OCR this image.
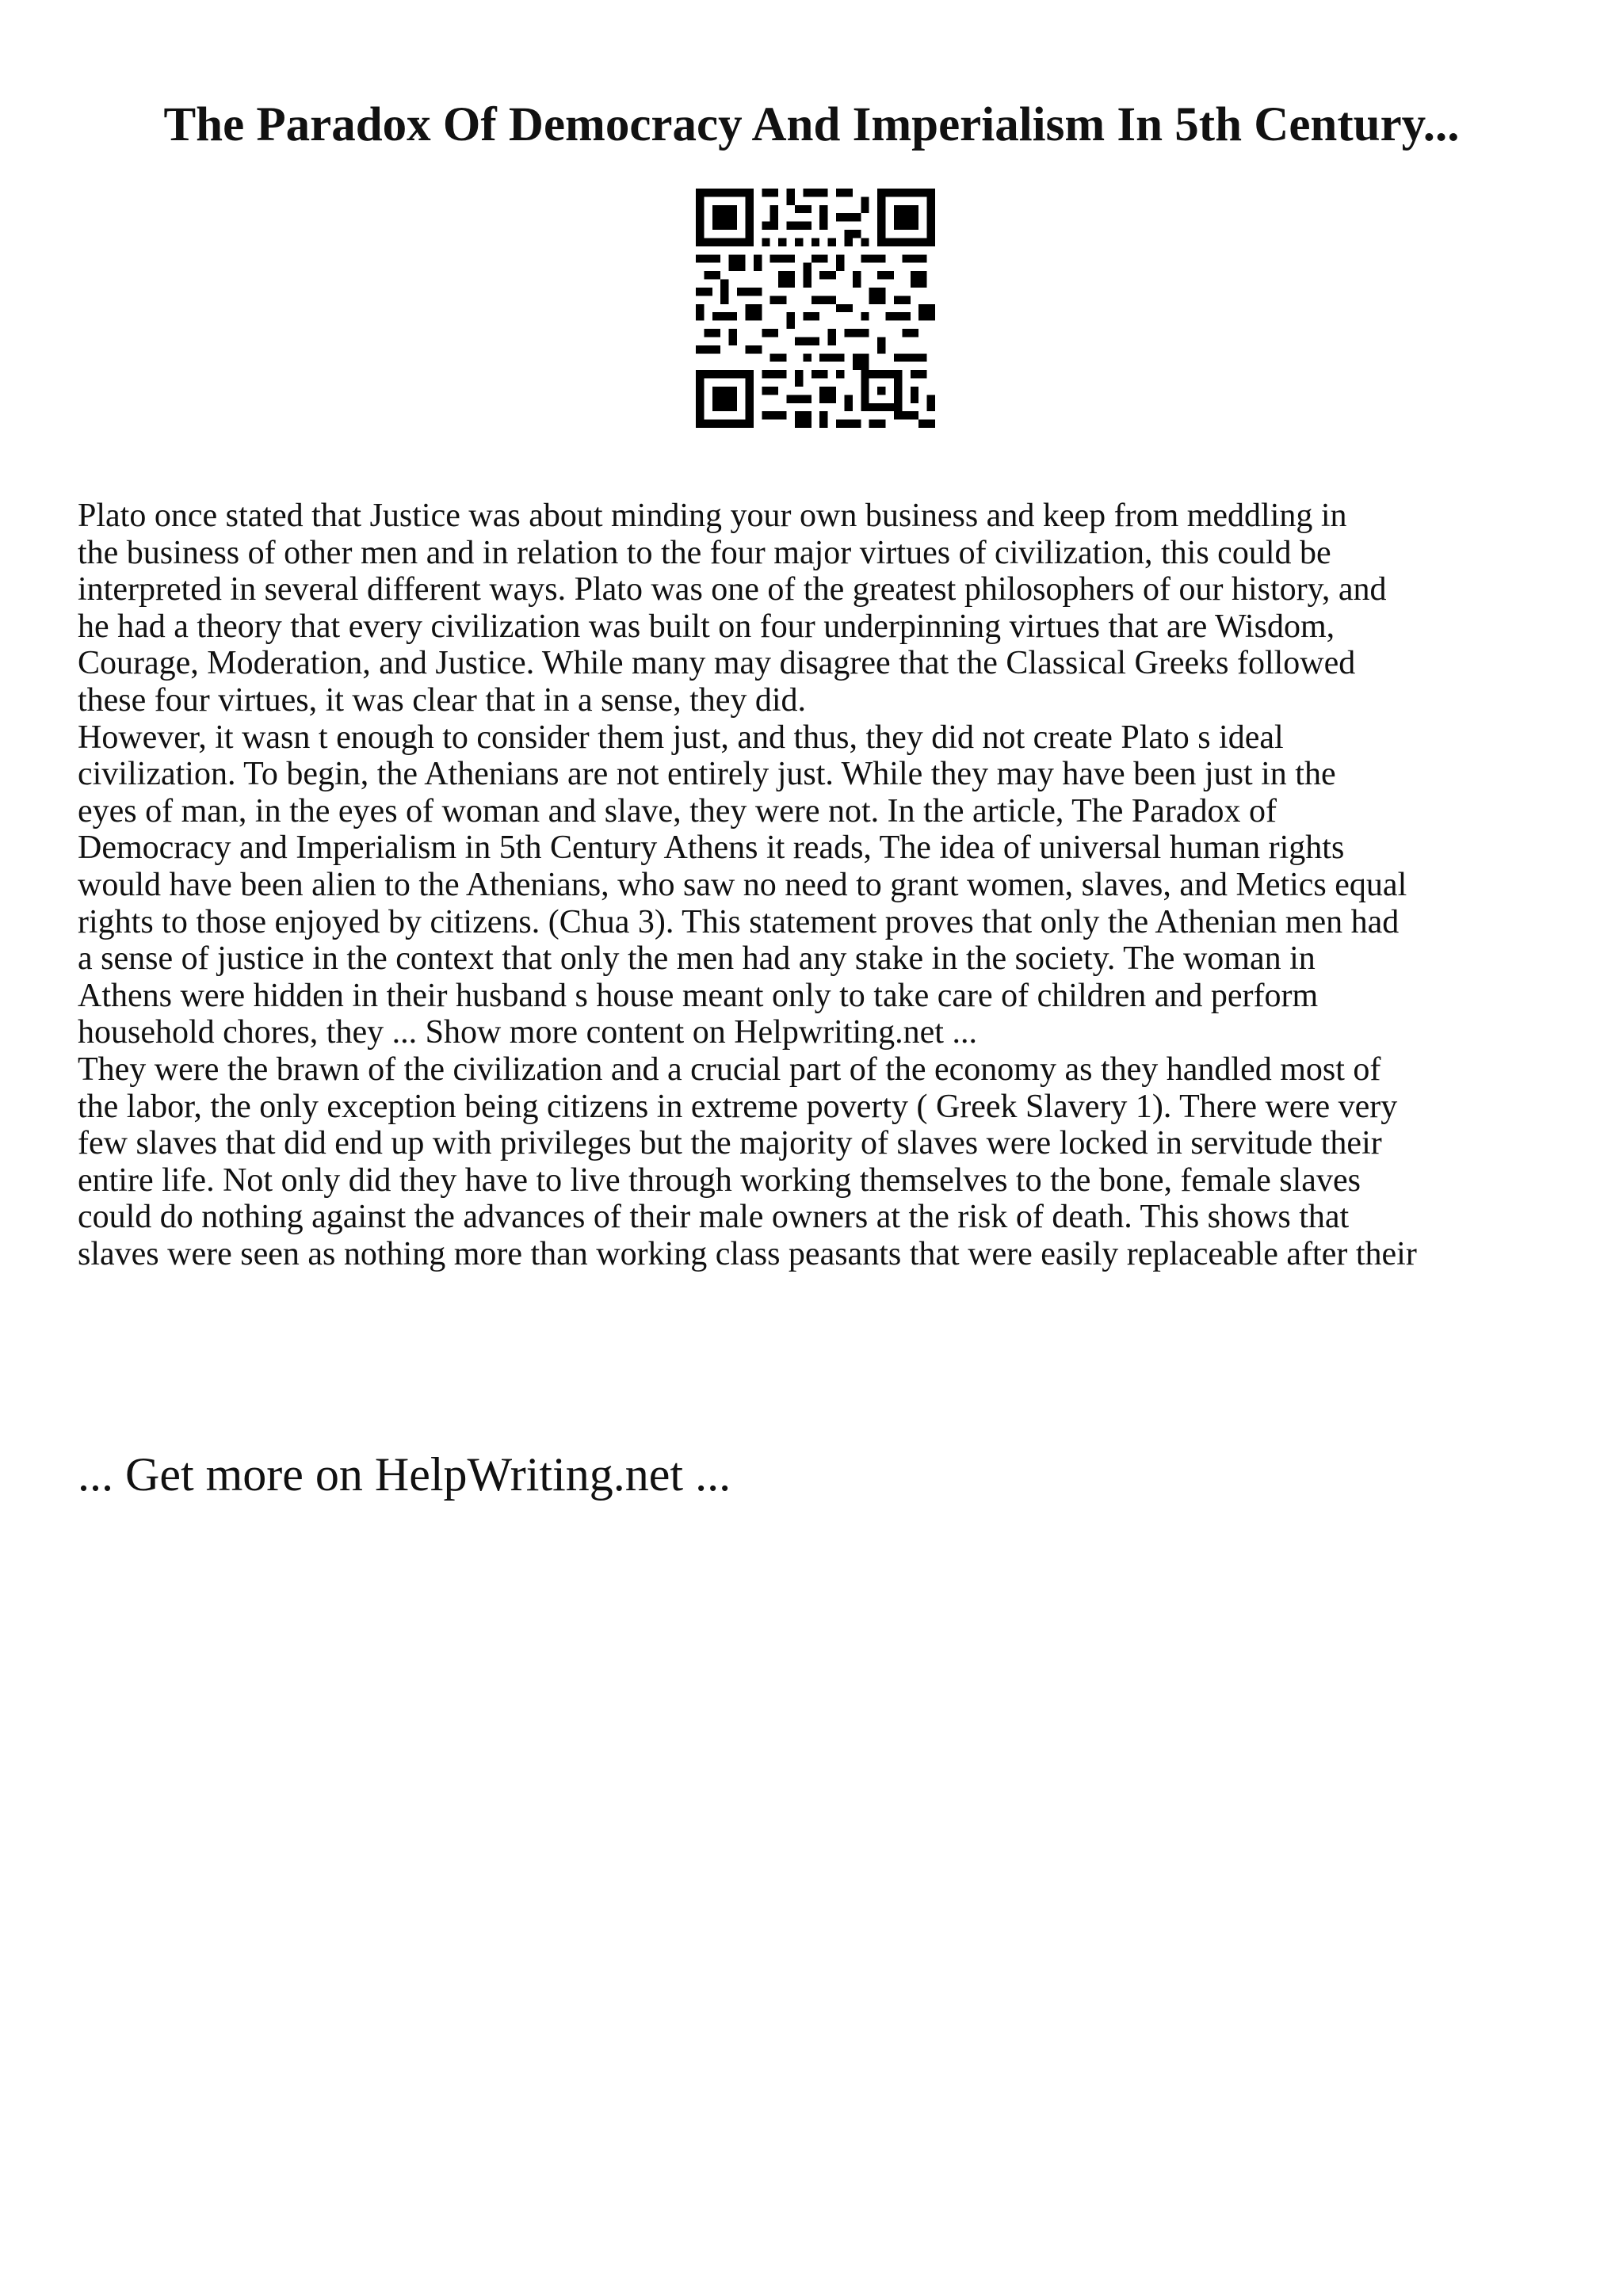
The Paradox Of Democracy And Imperialism In 5th Century...
Plato once stated that Justice was about minding your own business and keep from meddling in
the business of other men and in relation to the four major virtues of civilization, this could be
interpreted in several different ways. Plato was one of the greatest philosophers of our history, and
he had a theory that every civilization was built on four underpinning virtues that are Wisdom,
Courage, Moderation, and Justice. While many may disagree that the Classical Greeks followed
these four virtues, it was clear that in a sense, they did.
However, it wasn t enough to consider them just, and thus, they did not create Plato s ideal
civilization. To begin, the Athenians are not entirely just. While they may have been just in the
eyes of man, in the eyes of woman and slave, they were not. In the article, The Paradox of
Democracy and Imperialism in 5th Century Athens it reads, The idea of universal human rights
would have been alien to the Athenians, who saw no need to grant women, slaves, and Metics equal
rights to those enjoyed by citizens. (Chua 3). This statement proves that only the Athenian men had
a sense of justice in the context that only the men had any stake in the society. The woman in
Athens were hidden in their husband s house meant only to take care of children and perform
household chores, they ... Show more content on Helpwriting.net ...
They were the brawn of the civilization and a crucial part of the economy as they handled most of
the labor, the only exception being citizens in extreme poverty ( Greek Slavery 1). There were very
few slaves that did end up with privileges but the majority of slaves were locked in servitude their
entire life. Not only did they have to live through working themselves to the bone, female slaves
could do nothing against the advances of their male owners at the risk of death. This shows that
slaves were seen as nothing more than working class peasants that were easily replaceable after their
... Get more on HelpWriting.net ...
